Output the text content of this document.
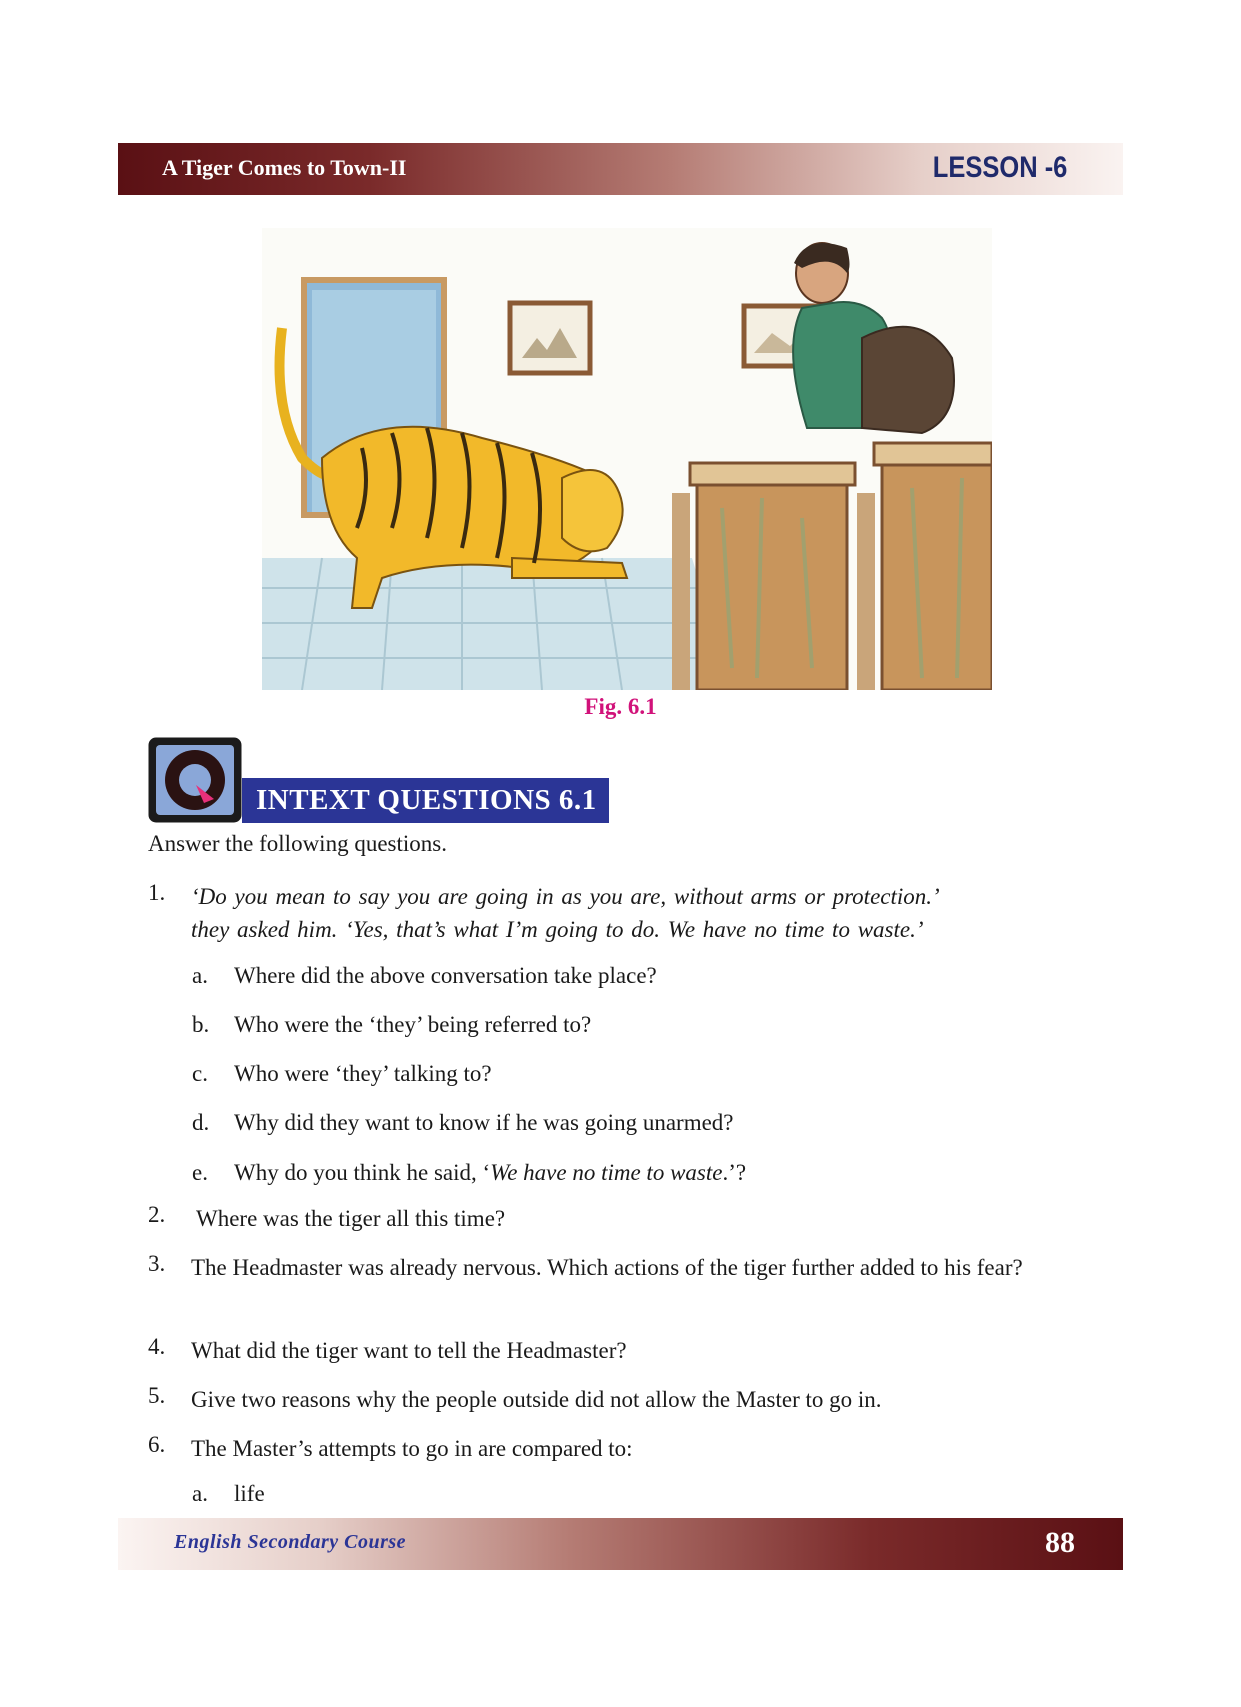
A Tiger Comes to Town-II	LESSON -6
Fig. 6.1
INTEXT QUESTIONS 6.1
Answer the following questions.
1.	‘Do you mean to say you are going in as you are, without arms or protection.’
they asked him. ‘Yes, that’s what I’m going to do. We have no time to waste.’
a.	Where did the above conversation take place?
b.	Who were the ‘they’ being referred to?
c.	Who were ‘they’ talking to?
d.	Why did they want to know if he was going unarmed?
e.	Why do you think he said, ‘We have no time to waste.’?
2.	Where was the tiger all this time?
3.	The Headmaster was already nervous. Which actions of the tiger further added to his fear?
4.	What did the tiger want to tell the Headmaster?
5.	Give two reasons why the people outside did not allow the Master to go in.
6.	The Master’s attempts to go in are compared to:
a.	life
English Secondary Course	88
